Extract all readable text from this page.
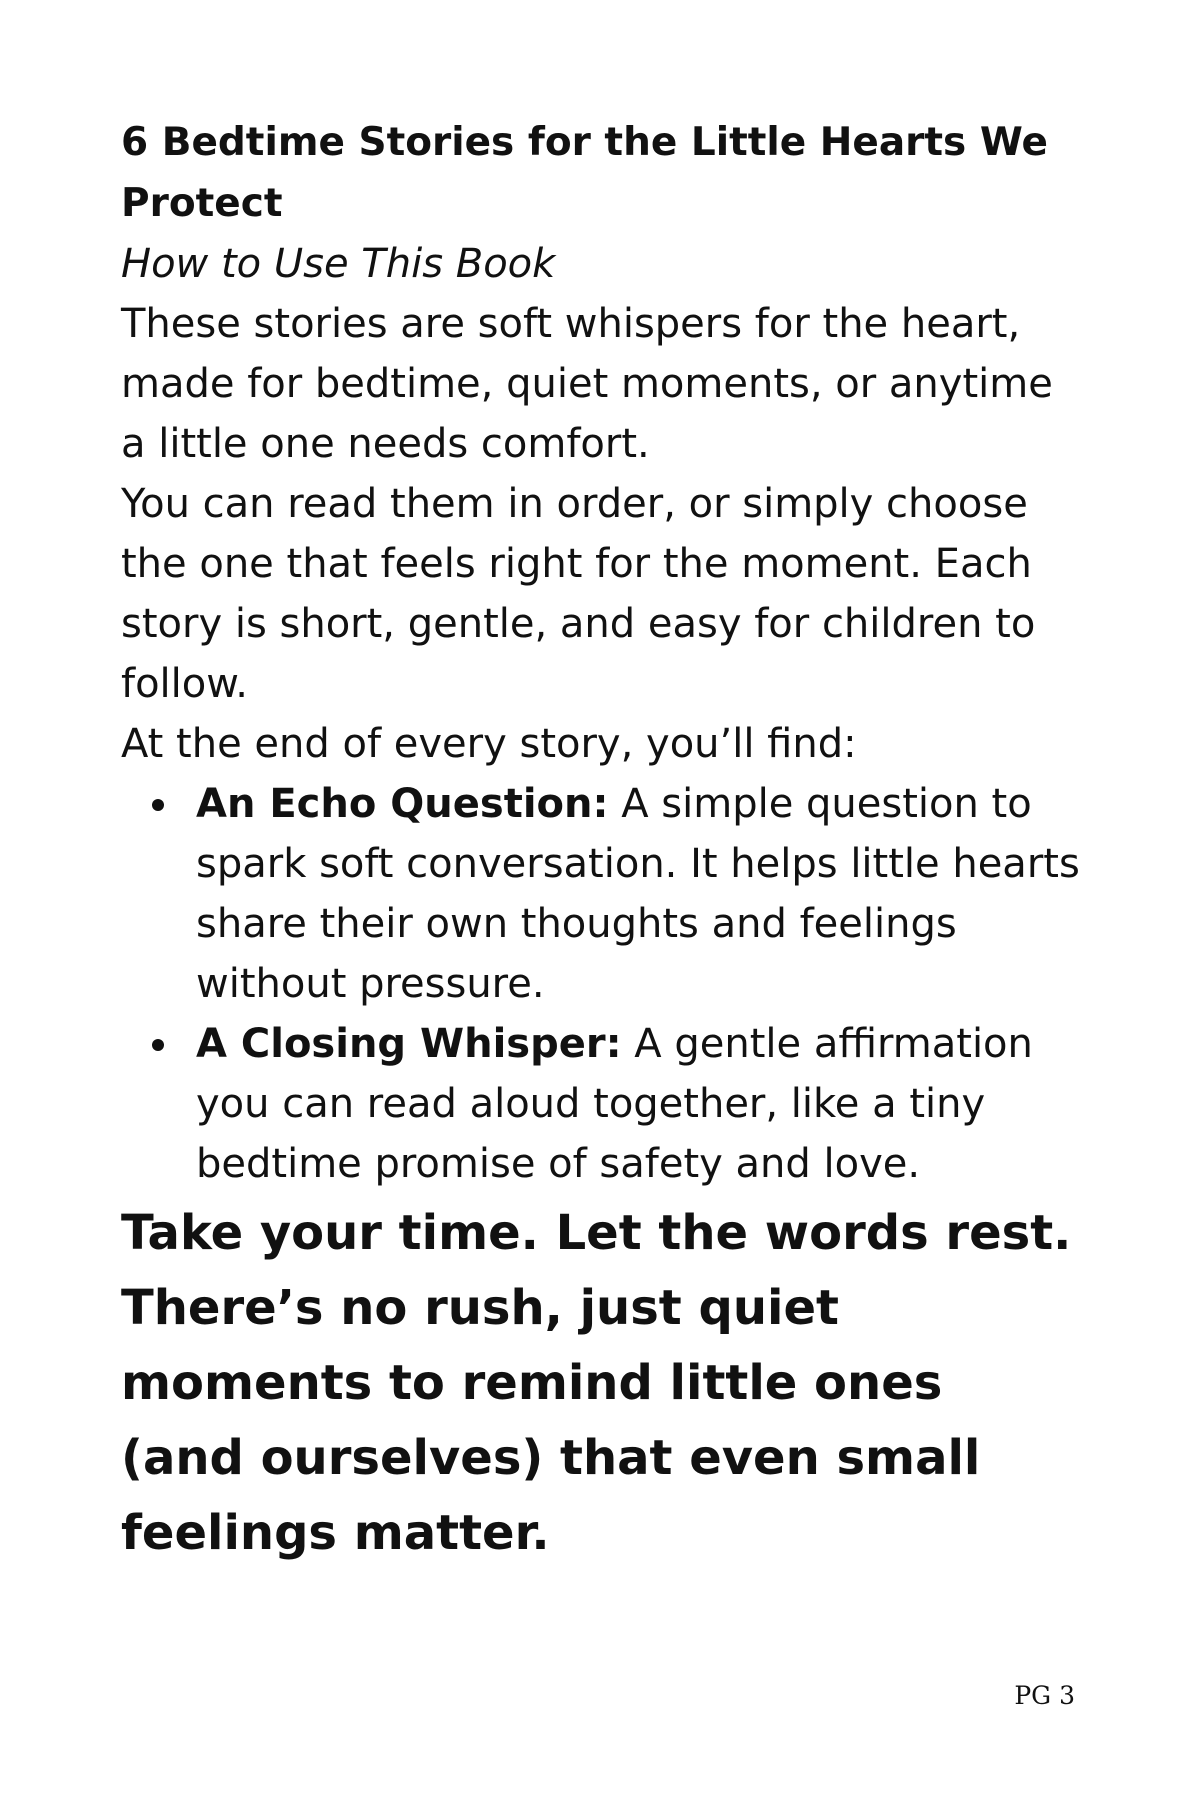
6 Bedtime Stories for the Little Hearts We Protect

How to Use This Book

These stories are soft whispers for the heart, made for bedtime, quiet moments, or anytime a little one needs comfort.

You can read them in order, or simply choose the one that feels right for the moment. Each story is short, gentle, and easy for children to follow.

At the end of every story, you’ll find:

An Echo Question: A simple question to spark soft conversation. It helps little hearts share their own thoughts and feelings without pressure.
A Closing Whisper: A gentle affirmation you can read aloud together, like a tiny bedtime promise of safety and love.

Take your time. Let the words rest. There’s no rush, just quiet moments to remind little ones (and ourselves) that even small feelings matter.

PG 3
